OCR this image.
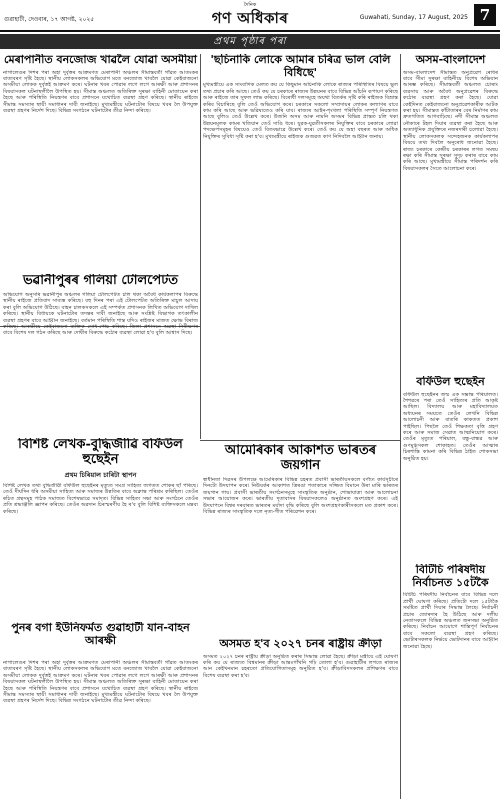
গুৱাহাটী, দেওবাৰ, ১৭ আগষ্ট, ২০২৫
দৈনিক
গণ অধিকাৰ	Guwahati, Sunday, 17 August, 2025 7
প্ৰথম পৃষ্ঠাৰ পৰা
মেৰাপানীত বনজোজ খাৱলৈ যোৱা অসমীয়া
নাগালেণ্ডৰ দিশৰ পৰা অহা দুৰ্বৃত্তৰ আক্ৰমণত মেৰাপানী অঞ্চলৰ সীমান্তবৰ্তী গাঁৱত আতংকৰ বাতাবৰণ সৃষ্টি হৈছে। স্থানীয় লোকসকলৰ অভিযোগ মতে বনজোজ খাবলৈ যোৱা কেইবাজনো অসমীয়া লোকক দুৰ্বৃত্তই আক্ৰমণ কৰে। ঘটনাৰ খবৰ পোৱাৰ লগে লগে আৰক্ষী আৰু প্ৰশাসনৰ বিষয়াসকল ঘটনাস্থলীলৈ উপস্থিত হয়। সীমান্ত অঞ্চলত অতিৰিক্ত সুৰক্ষা বাহিনী মোতায়েন কৰা হৈছে আৰু পৰিস্থিতি নিয়ন্ত্ৰণৰ বাবে প্ৰশাসনে যথোচিত ব্যৱস্থা গ্ৰহণ কৰিছে। স্থানীয় ৰাইজে সীমান্ত সমস্যাৰ স্থায়ী সমাধানৰ দাবী জনাইছে। মুখ্যমন্ত্ৰীয়ে ঘটনাটোৰ বিষয়ে খবৰ লৈ উপযুক্ত ব্যৱস্থা গ্ৰহণৰ নিৰ্দেশ দিছে। বিভিন্ন সংগঠনে ঘটনাটোৰ তীব্ৰ নিন্দা কৰিছে।
ভৱানীপুৰৰ গলিয়া টোলপেটত
অভিযোগ অনুসৰি ভৱানীপুৰ অঞ্চলৰ গলিয়া টোলপেটত চলি থকা অবৈধ কাৰ্যকলাপৰ বিৰুদ্ধে স্থানীয় ৰাইজে প্ৰতিবাদ সাব্যস্ত কৰিছে। বহু দিনৰ পৰা এই টোলপেটত অতিৰিক্ত মাচুল আদায় কৰা বুলি অভিযোগ উঠিছে। বাহন চালকসকলে এই সম্পৰ্কত প্ৰশাসনক লিখিত অভিযোগ দাখিল কৰিছে। স্থানীয় বিধায়কে ঘটনাটোৰ তদন্তৰ দাবী জনাইছে আৰু সংশ্লিষ্ট বিভাগক তৎকালীন ব্যৱস্থা গ্ৰহণৰ বাবে আহ্বান জনাইছে। বৰ্তমান পৰিস্থিতি শান্ত যদিও ৰাইজৰ মাজত ক্ষোভ বিৰাজ কৰিছে। আৰক্ষীয়ে কেইবাজনো ব্যক্তিক সোধ-পোচ কৰিছে। জিলা প্ৰশাসনে অৱস্থা নিৰীক্ষণৰ বাবে বিশেষ দল গঠন কৰিছে আৰু দোষীৰ বিৰুদ্ধে কঠোৰ ব্যৱস্থা লোৱা হ'ব বুলি আশ্বাস দিছে।
বিশিষ্ট লেখক-বুদ্ধিজীৱি বৰ্ফিউল হুছেইন
প্ৰথম চিৰিয়াল চাৰিটা স্থাপন
বিশিষ্ট লেখক তথা বুদ্ধিজীৱী বৰ্ফিউল হুছেইনৰ মৃত্যুত সমগ্ৰ সাহিত্য জগতত শোকৰ ছাঁ পৰিছে। তেওঁ দীৰ্ঘদিন ধৰি অসমীয়া সাহিত্য আৰু সমাজৰ উন্নতিৰ বাবে অক্লান্ত পৰিশ্ৰম কৰিছিল। তেওঁৰ ৰচিত গ্ৰন্থসমূহ পাঠক সমাজত বিশেষভাৱে সমাদৃত। বিভিন্ন সাহিত্য সভা আৰু সংগঠনে তেওঁৰ প্ৰতি শ্ৰদ্ধাঞ্জলি জ্ঞাপন কৰিছে। তেওঁৰ অৱদান চিৰস্মৰণীয় হৈ ৰ'ব বুলি বিশিষ্ট ব্যক্তিসকলে মন্তব্য কৰিছে।
পুনৰ বগা ইউনিফৰ্মত গুৱাহাটী যান-বাহন আৰক্ষী
নাগালেণ্ডৰ দিশৰ পৰা অহা দুৰ্বৃত্তৰ আক্ৰমণত মেৰাপানী অঞ্চলৰ সীমান্তবৰ্তী গাঁৱত আতংকৰ বাতাবৰণ সৃষ্টি হৈছে। স্থানীয় লোকসকলৰ অভিযোগ মতে বনজোজ খাবলৈ যোৱা কেইবাজনো অসমীয়া লোকক দুৰ্বৃত্তই আক্ৰমণ কৰে। ঘটনাৰ খবৰ পোৱাৰ লগে লগে আৰক্ষী আৰু প্ৰশাসনৰ বিষয়াসকল ঘটনাস্থলীলৈ উপস্থিত হয়। সীমান্ত অঞ্চলত অতিৰিক্ত সুৰক্ষা বাহিনী মোতায়েন কৰা হৈছে আৰু পৰিস্থিতি নিয়ন্ত্ৰণৰ বাবে প্ৰশাসনে যথোচিত ব্যৱস্থা গ্ৰহণ কৰিছে। স্থানীয় ৰাইজে সীমান্ত সমস্যাৰ স্থায়ী সমাধানৰ দাবী জনাইছে। মুখ্যমন্ত্ৰীয়ে ঘটনাটোৰ বিষয়ে খবৰ লৈ উপযুক্ত ব্যৱস্থা গ্ৰহণৰ নিৰ্দেশ দিছে। বিভিন্ন সংগঠনে ঘটনাটোৰ তীব্ৰ নিন্দা কৰিছে।
'ছচিনাকি লোকে আমাৰ চৰিত্ৰ ভাল বেলি বিধিছে'
মুখ্যমন্ত্ৰীয়ে এক সাংবাদিক মেলত কয় যে কিছুমান অচিনাকি লোকে ৰাজ্যৰ পৰিস্থিতিৰ বিষয়ে ভুল তথ্য প্ৰচাৰ কৰি আছে। তেওঁ কয় যে চৰকাৰে ৰাজ্যৰ উন্নয়নৰ বাবে বিভিন্ন আঁচনি ৰূপায়ণ কৰিছে আৰু ৰাইজে তাৰ সুফল লাভ কৰিছে। বিৰোধী দলসমূহে অযথা বিতৰ্কৰ সৃষ্টি কৰি ৰাইজক বিভ্ৰান্ত কৰিব বিচাৰিছে বুলি তেওঁ অভিযোগ কৰে। চৰকাৰে সকলো সম্প্ৰদায়ৰ লোকৰ কল্যাণৰ বাবে কাম কৰি আছে আৰু ভৱিষ্যতেও কৰি যাব। ৰাজ্যৰ আইন-শৃংখলা পৰিস্থিতি সম্পূৰ্ণ নিয়ন্ত্ৰণত আছে বুলিও তেওঁ উল্লেখ কৰে। উজনি অসম আৰু নামনি অসমৰ বিভিন্ন প্ৰান্তত চলি থকা উন্নয়নমূলক কামৰ খতিয়ান তেওঁ দাঙি ধৰে। যুৱক-যুৱতীসকলৰ নিযুক্তিৰ বাবে চৰকাৰে লোৱা পদক্ষেপসমূহৰ বিষয়েও তেওঁ বিতংভাৱে উল্লেখ কৰে। তেওঁ কয় যে অহা বছৰত আৰু অধিক নিযুক্তিৰ সুবিধা সৃষ্টি কৰা হ'ব। মুখ্যমন্ত্ৰীয়ে ৰাইজক গুজৱত কাণ নিদিবলৈ আহ্বান জনায়।
আমেৰিকাৰ আকাশত ভাৰতৰ জয়গান
স্বাধীনতা দিৱসৰ উপলক্ষে আমেৰিকাৰ বিভিন্ন চহৰত প্ৰবাসী ভাৰতীয়সকলে বৰ্ণাঢ্য কাৰ্যসূচীৰে দিনটো উদযাপন কৰে। নিউয়ৰ্কৰ আকাশত ত্ৰিৰঙা পতাকাৰে সজ্জিত বিমানে উৰা মাৰি ভাৰতৰ জয়গান গায়। প্ৰবাসী ভাৰতীয় সংগঠনসমূহে সাংস্কৃতিক অনুষ্ঠান, শোভাযাত্ৰা আৰু আলোচনা সভাৰ আয়োজন কৰে। ভাৰতীয় দূতাবাসৰ বিষয়াসকলেও অনুষ্ঠানত অংশগ্ৰহণ কৰে। এই উদযাপনে বিশ্বৰ দৰবাৰত ভাৰতৰ মৰ্যাদা বৃদ্ধি কৰিছে বুলি অংশগ্ৰহণকাৰীসকলে মত প্ৰকাশ কৰে। বিভিন্ন ৰাজ্যৰ সাংস্কৃতিক দলে নৃত্য-গীত পৰিৱেশন কৰে।
অসমত হ'ব ২০২৭ চনৰ ৰাষ্ট্ৰীয় ক্ৰীড়া
অসমত ২০২৭ চনৰ ৰাষ্ট্ৰীয় ক্ৰীড়া অনুষ্ঠিত কৰাৰ সিদ্ধান্ত লোৱা হৈছে। ক্ৰীড়া মন্ত্ৰীয়ে এই ঘোষণা কৰি কয় যে ৰাজ্যত বিশ্বমানৰ ক্ৰীড়া আন্তঃগাঁথনি গঢ়ি তোলা হ'ব। গুৱাহাটীৰ লগতে ৰাজ্যৰ আন কেইখনমান চহৰতো প্ৰতিযোগিতাসমূহ অনুষ্ঠিত হ'ব। ক্ৰীড়াবিদসকলৰ প্ৰশিক্ষণৰ বাবে বিশেষ ব্যৱস্থা কৰা হ'ব।
অসম-বাংলাদেশ
অসম-বাংলাদেশ সীমান্তত অনুপ্ৰৱেশ ৰোধৰ বাবে সীমা সুৰক্ষা বাহিনীয়ে বিশেষ অভিযান আৰম্ভ কৰিছে। সীমান্তবৰ্তী অঞ্চলত চোৰাং ব্যৱসায় আৰু অবৈধ অনুপ্ৰৱেশৰ বিৰুদ্ধে কঠোৰ ব্যৱস্থা গ্ৰহণ কৰা হৈছে। যোৱা কেইদিনত কেইবাজনো অনুপ্ৰৱেশকাৰীক আটক কৰা হয়। সীমান্তত কাঁটাতাৰৰ বেৰ নিৰ্মাণৰ কাম দ্ৰুতগতিত আগবাঢ়িছে। নদী সীমান্ত অঞ্চলত নৌকাৰে টহল দিয়াৰ ব্যৱস্থা কৰা হৈছে আৰু অত্যাধুনিক প্ৰযুক্তিৰে নজৰদাৰী চলোৱা হৈছে। স্থানীয় লোকসকলক সন্দেহজনক কাৰ্যকলাপৰ বিষয়ে তথ্য দিবলৈ অনুৰোধ জনোৱা হৈছে। ৰাজ্য চৰকাৰে কেন্দ্ৰীয় চৰকাৰৰ লগত সমন্বয় ৰক্ষা কৰি সীমান্ত সুৰক্ষা সুদৃঢ় কৰাৰ বাবে কাম কৰি আছে। মুখ্যমন্ত্ৰীয়ে সীমান্ত পৰিদৰ্শন কৰি বিষয়াসকলৰ সৈতে আলোচনা কৰে।
বৰ্ফিউল হুছেইন
বৰ্ফিউল হুছেইনৰ জন্ম এক সম্ভ্ৰান্ত পৰিয়ালত। শৈশৱৰে পৰা তেওঁ সাহিত্যৰ প্ৰতি আকৃষ্ট আছিল। বিদ্যালয় আৰু মহাবিদ্যালয়ত অধ্যয়নৰ সময়তে তেওঁৰ লেখনি বিভিন্ন আলোচনী আৰু বাতৰি কাকতত প্ৰকাশ পাইছিল। পিছলৈ তেওঁ শিক্ষকতা বৃত্তি গ্ৰহণ কৰে আৰু সমাজ সেৱাত আত্মনিয়োগ কৰে। তেওঁৰ মৃত্যুত পৰিয়াল, বন্ধু-বান্ধৱ আৰু গুণমুগ্ধসকল শোকাহত। তেওঁৰ আত্মাৰ চিৰশান্তি কামনা কৰি বিভিন্ন ঠাইত শোকসভা অনুষ্ঠিত হয়।
বিটিচি পৰিষদীয় নিৰ্বাচনত ১৫টকৈ
বিটিচি পৰিষদীয় নিৰ্বাচনৰ বাবে বিভিন্ন দলে প্ৰাৰ্থী ঘোষণা কৰিছে। প্ৰতিটো দলে ১৫টাকৈ সমষ্টিত প্ৰাৰ্থী দিয়াৰ সিদ্ধান্ত লৈছে। নিৰ্বাচনী প্ৰচাৰ জোৰদাৰ হৈ উঠিছে আৰু দলীয় নেতাসকলে বিভিন্ন অঞ্চলত জনসভা অনুষ্ঠিত কৰিছে। নিৰ্বাচন আয়োগে শান্তিপূৰ্ণ নিৰ্বাচনৰ বাবে সকলো ব্যৱস্থা গ্ৰহণ কৰিছে। ভোটাৰসকলক নিৰ্ভয়ে ভোটদানৰ বাবে আহ্বান জনোৱা হৈছে।
